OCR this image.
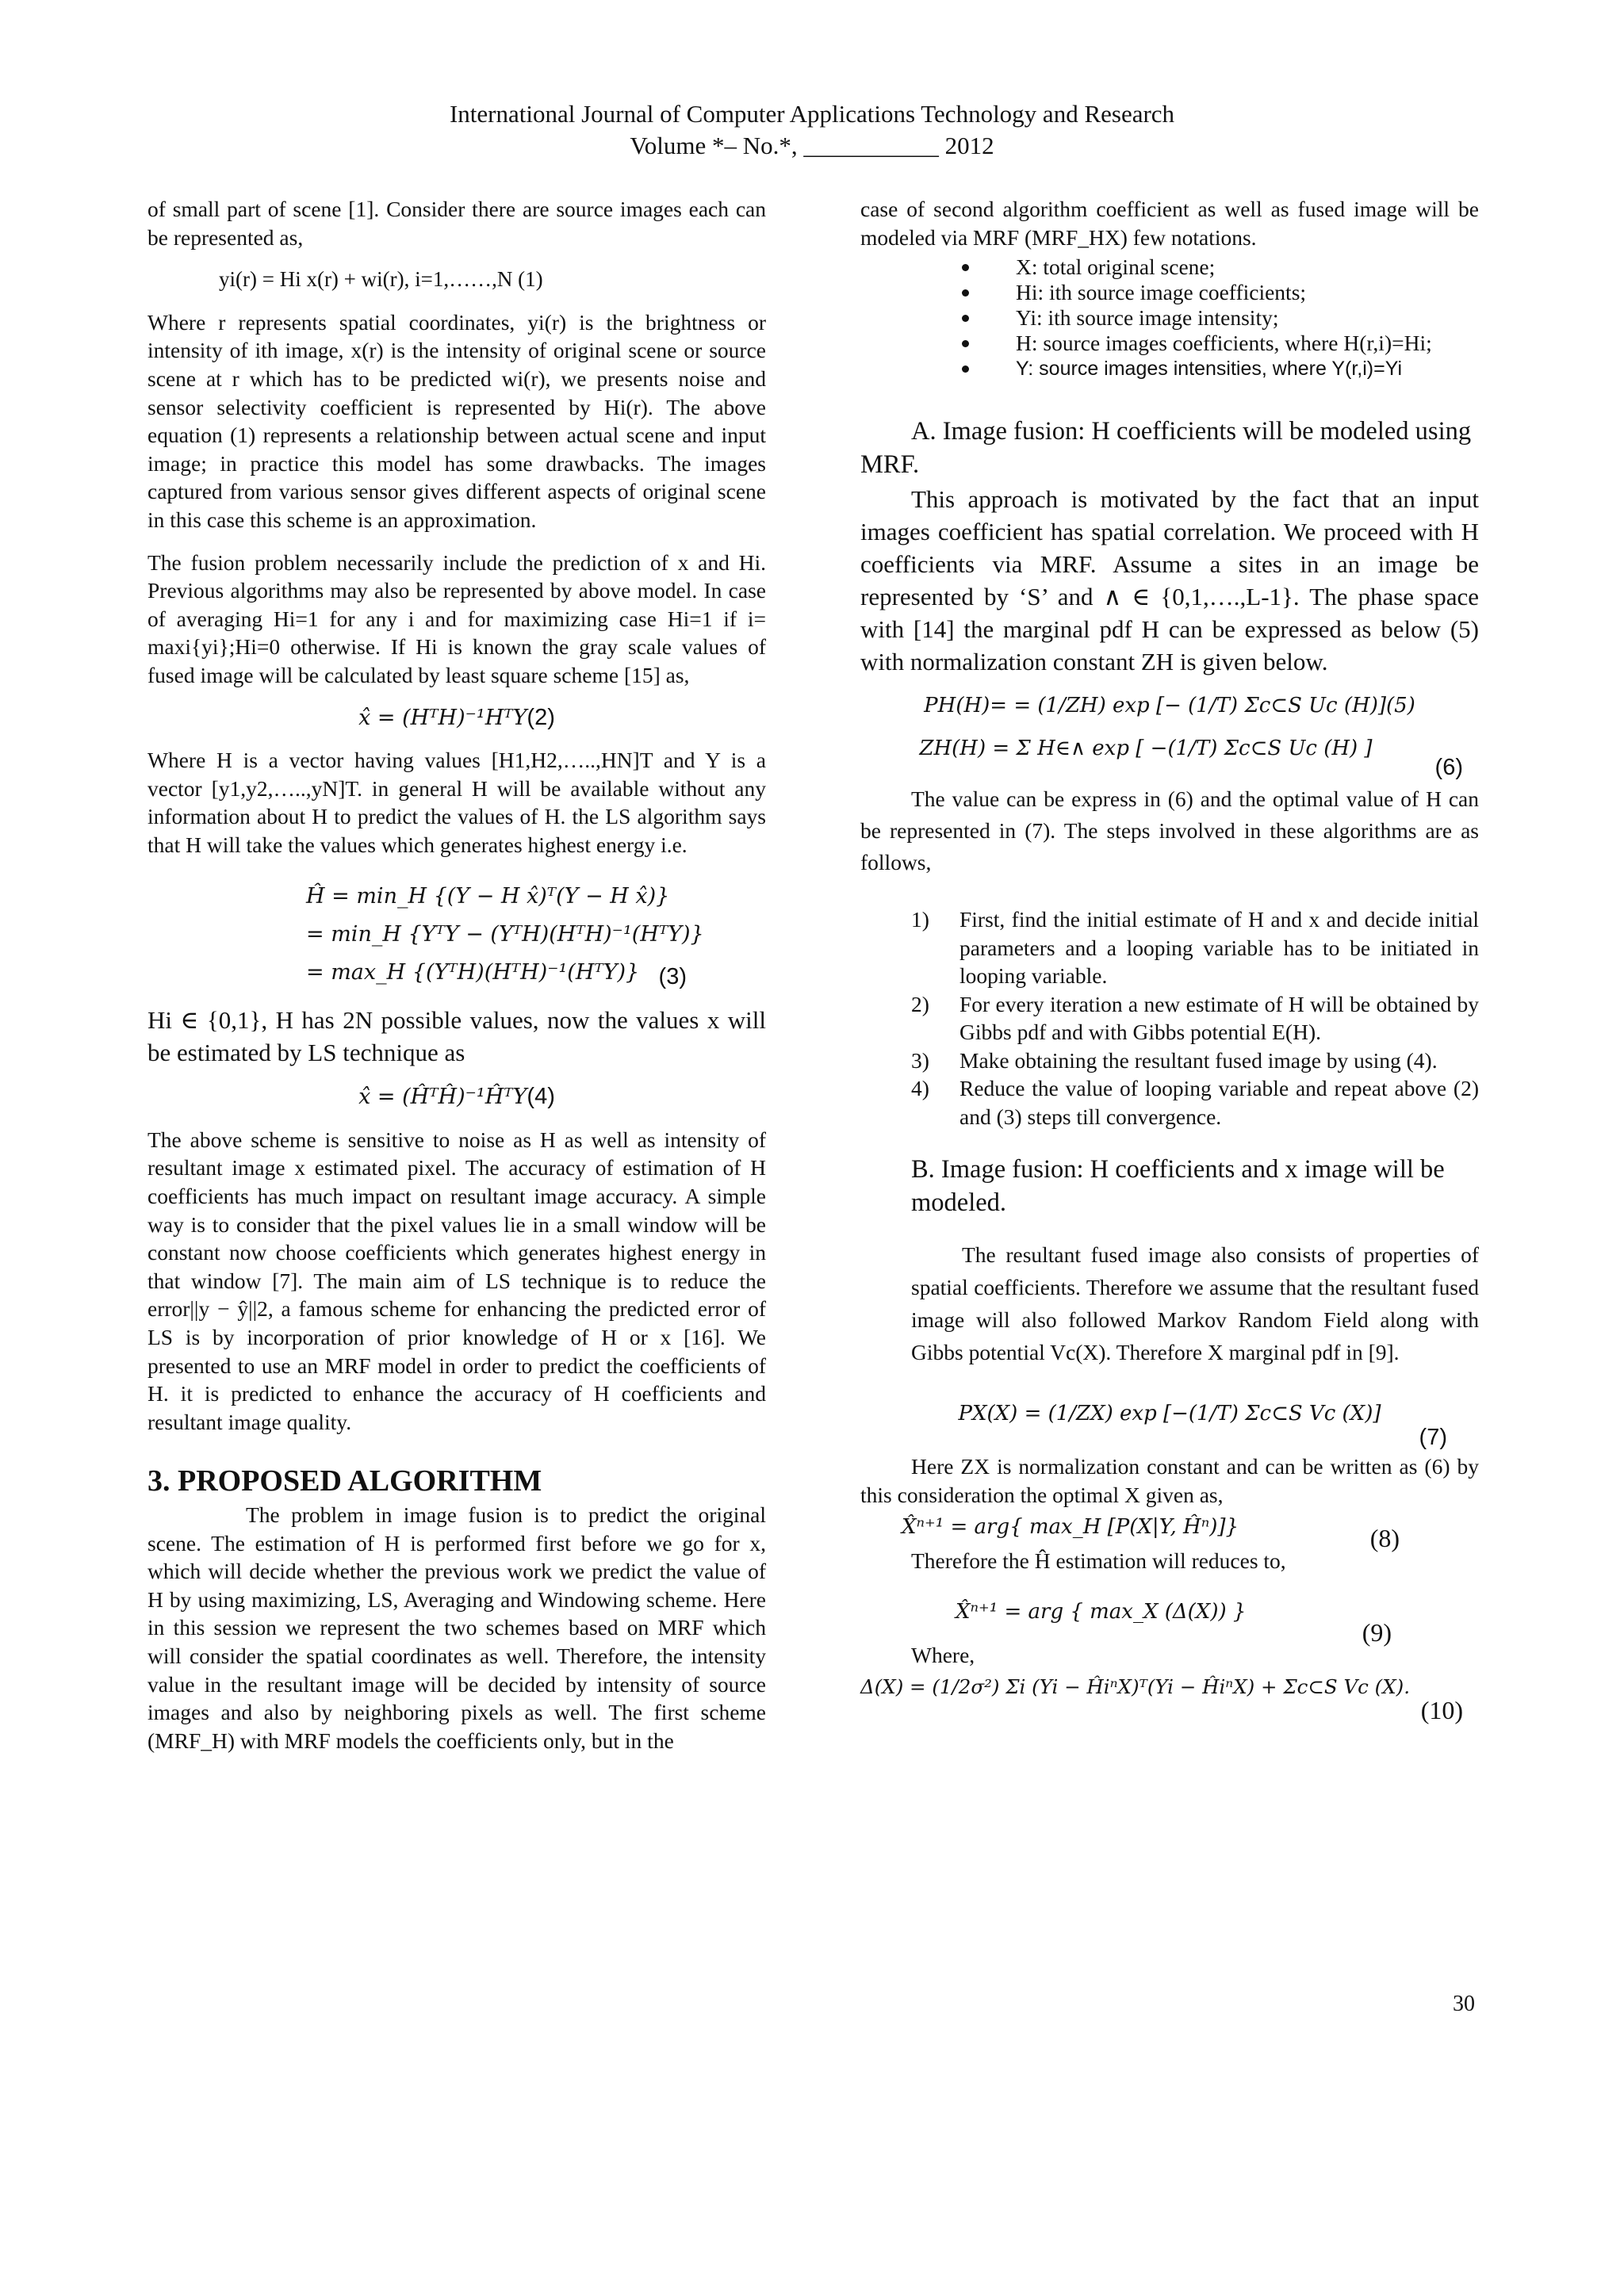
International Journal of Computer Applications Technology and Research
Volume *– No.*, ___________ 2012

of small part of scene [1]. Consider there are source images each can be represented as,

yi(r) = Hi x(r) + wi(r), i=1,……,N (1)

Where r represents spatial coordinates, yi(r) is the brightness or intensity of ith image, x(r) is the intensity of original scene or source scene at r which has to be predicted wi(r), we presents noise and sensor selectivity coefficient is represented by Hi(r). The above equation (1) represents a relationship between actual scene and input image; in practice this model has some drawbacks. The images captured from various sensor gives different aspects of original scene in this case this scheme is an approximation.

The fusion problem necessarily include the prediction of x and Hi. Previous algorithms may also be represented by above model. In case of averaging Hi=1 for any i and for maximizing case Hi=1 if i= maxi{yi};Hi=0 otherwise. If Hi is known the gray scale values of fused image will be calculated by least square scheme [15] as,

x̂ = (HᵀH)⁻¹HᵀY(2)

Where H is a vector having values [H1,H2,…..,HN]T and Y is a vector [y1,y2,…..,yN]T. in general H will be available without any information about H to predict the values of H. the LS algorithm says that H will take the values which generates highest energy i.e.

Ĥ = min_H {(Y − H x̂)ᵀ(Y − H x̂)}
= min_H {YᵀY − (YᵀH)(HᵀH)⁻¹(HᵀY)}
= max_H {(YᵀH)(HᵀH)⁻¹(HᵀY)} (3)

Hi ∈ {0,1}, H has 2N possible values, now the values x will be estimated by LS technique as

x̂ = (ĤᵀĤ)⁻¹ĤᵀY(4)

The above scheme is sensitive to noise as H as well as intensity of resultant image x estimated pixel. The accuracy of estimation of H coefficients has much impact on resultant image accuracy. A simple way is to consider that the pixel values lie in a small window will be constant now choose coefficients which generates highest energy in that window [7]. The main aim of LS technique is to reduce the error||y − ŷ||2, a famous scheme for enhancing the predicted error of LS is by incorporation of prior knowledge of H or x [16]. We presented to use an MRF model in order to predict the coefficients of H. it is predicted to enhance the accuracy of H coefficients and resultant image quality.

3. PROPOSED ALGORITHM

The problem in image fusion is to predict the original scene. The estimation of H is performed first before we go for x, which will decide whether the previous work we predict the value of H by using maximizing, LS, Averaging and Windowing scheme. Here in this session we represent the two schemes based on MRF which will consider the spatial coordinates as well. Therefore, the intensity value in the resultant image will be decided by intensity of source images and also by neighboring pixels as well. The first scheme (MRF_H) with MRF models the coefficients only, but in the

case of second algorithm coefficient as well as fused image will be modeled via MRF (MRF_HX) few notations.

X: total original scene;
Hi: ith source image coefficients;
Yi: ith source image intensity;
H: source images coefficients, where H(r,i)=Hi;
Y: source images intensities, where Y(r,i)=Yi
A. Image fusion: H coefficients will be modeled using MRF.

This approach is motivated by the fact that an input images coefficient has spatial correlation. We proceed with H coefficients via MRF. Assume a sites in an image be represented by ‘S’ and ∧ ∈ {0,1,….,L-1}. The phase space with [14] the marginal pdf H can be expressed as below (5) with normalization constant ZH is given below.

PH(H)= = (1/ZH) exp [− (1/T) Σc⊂S Uc (H)](5)
ZH(H) = Σ H∈∧ exp [ −(1/T) Σc⊂S Uc (H) ]
(6)

The value can be express in (6) and the optimal value of H can be represented in (7). The steps involved in these algorithms are as follows,

1) First, find the initial estimate of H and x and decide initial parameters and a looping variable has to be initiated in looping variable.
2) For every iteration a new estimate of H will be obtained by Gibbs pdf and with Gibbs potential E(H).
3) Make obtaining the resultant fused image by using (4).
4) Reduce the value of looping variable and repeat above (2) and (3) steps till convergence.
B. Image fusion: H coefficients and x image will be modeled.

The resultant fused image also consists of properties of spatial coefficients. Therefore we assume that the resultant fused image will also followed Markov Random Field along with Gibbs potential Vc(X). Therefore X marginal pdf in [9].

PX(X) = (1/ZX) exp [−(1/T) Σc⊂S Vc (X)]
(7)

Here ZX is normalization constant and can be written as (6) by this consideration the optimal X given as,

X̂ⁿ⁺¹ = arg{ max_H [P(X|Y, Ĥⁿ)]}	(8)

Therefore the Ĥ estimation will reduces to,

X̂ⁿ⁺¹ = arg { max_X (Δ(X)) }
(9)

Where,

Δ(X) = (1/2σ²) Σi (Yi − ĤiⁿX)ᵀ(Yi − ĤiⁿX) + Σc⊂S Vc (X).
(10)
30
